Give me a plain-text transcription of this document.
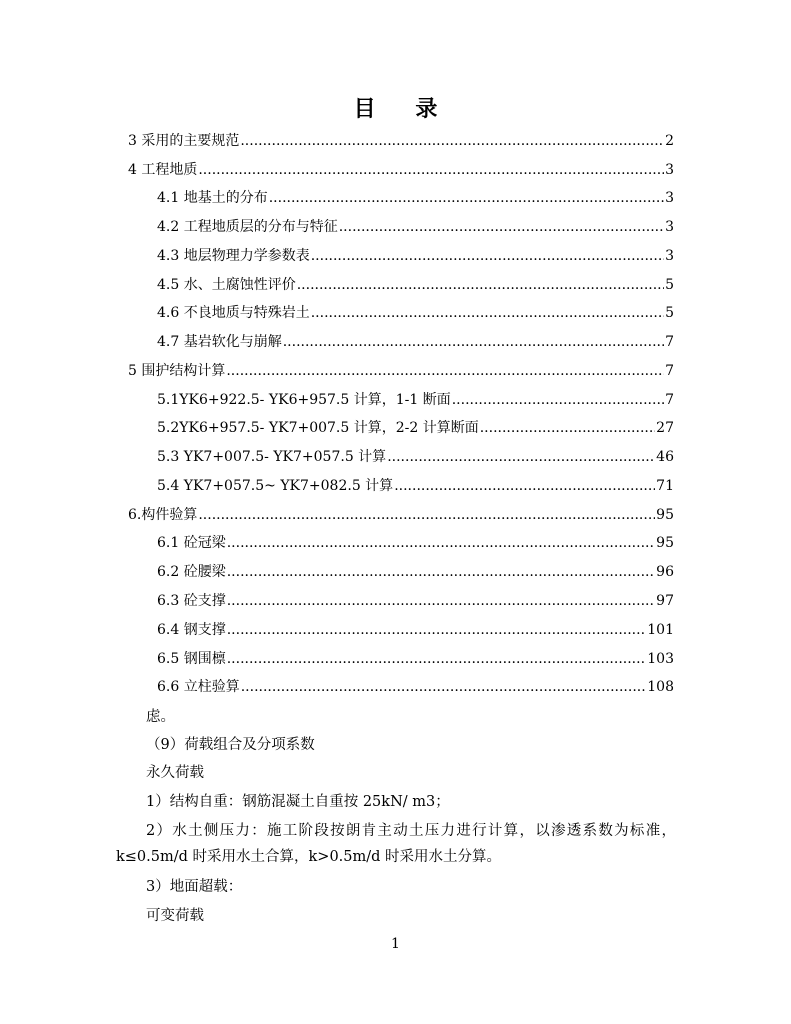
目 录
3 采用的主要规范 .....	2
4 工程地质 .....	3
4.1 地基土的分布 .....	3
4.2 工程地质层的分布与特征 .....	3
4.3 地层物理力学参数表 .....	3
4.5 水、土腐蚀性评价 .....	5
4.6 不良地质与特殊岩土 .....	5
4.7 基岩软化与崩解 .....	7
5 围护结构计算 .....	7
5.1YK6+922.5- YK6+957.5 计算，1-1 断面 .....	7
5.2YK6+957.5- YK7+007.5 计算，2-2 计算断面 .....	27
5.3 YK7+007.5- YK7+057.5 计算 .....	46
5.4 YK7+057.5~ YK7+082.5 计算 .....	71
6.构件验算 .....	95
6.1 砼冠梁 .....	95
6.2 砼腰梁 .....	96
6.3 砼支撑 .....	97
6.4 钢支撑 .....	101
6.5 钢围檩 .....	103
6.6 立柱验算 .....	108
虑。
（9）荷载组合及分项系数
永久荷载
1）结构自重：钢筋混凝土自重按 25kN/ m3；
2）水土侧压力：施工阶段按朗肯主动土压力进行计算，以渗透系数为标准，
k≤0.5m/d 时采用水土合算，k>0.5m/d 时采用水土分算。
3）地面超载：
可变荷载
1
